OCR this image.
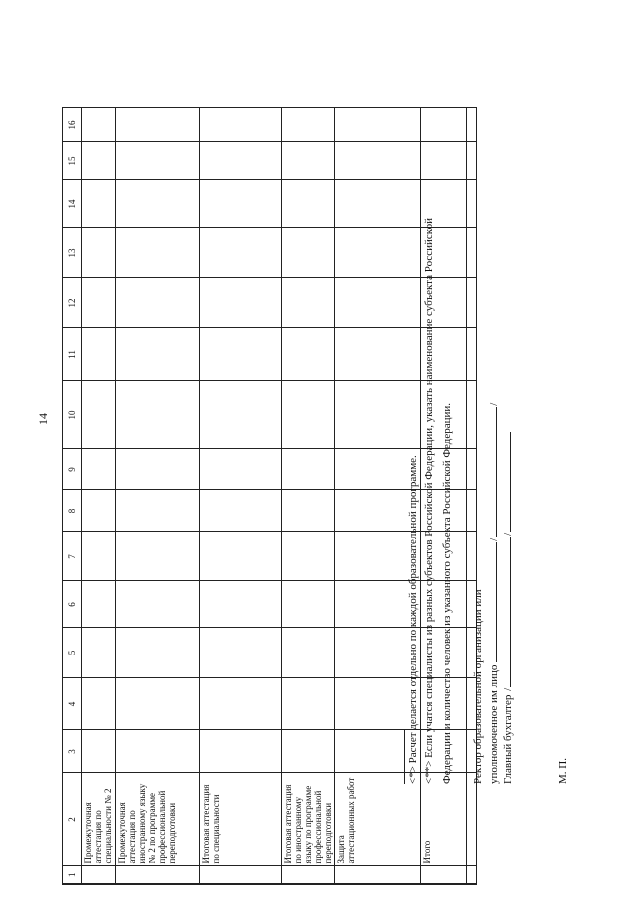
14
1	2	3	4	5	6	7	8	9	10	11	12	13	14	15	16
	Промежуточная аттестация по специальности № 2														
	Промежуточная аттестация по иностранному языку № 2 по программе профессиональной переподготовки														
	Итоговая аттестация по специальности														
	Итоговая аттестация по иностранному языку по программе профессиональной переподготовки														
	Защита аттестационных работ														
	Итого														

<*> Расчет делается отдельно по каждой образовательной программе. <**> Если учатся специалисты из разных субъектов Российской Федерации, указать наименование субъекта Российской Федерации и количество человек из указанного субъекта Российской Федерации. Ректор образовательной организации или уполномоченное им лицо //
Главный бухгалтер //
М. П.
